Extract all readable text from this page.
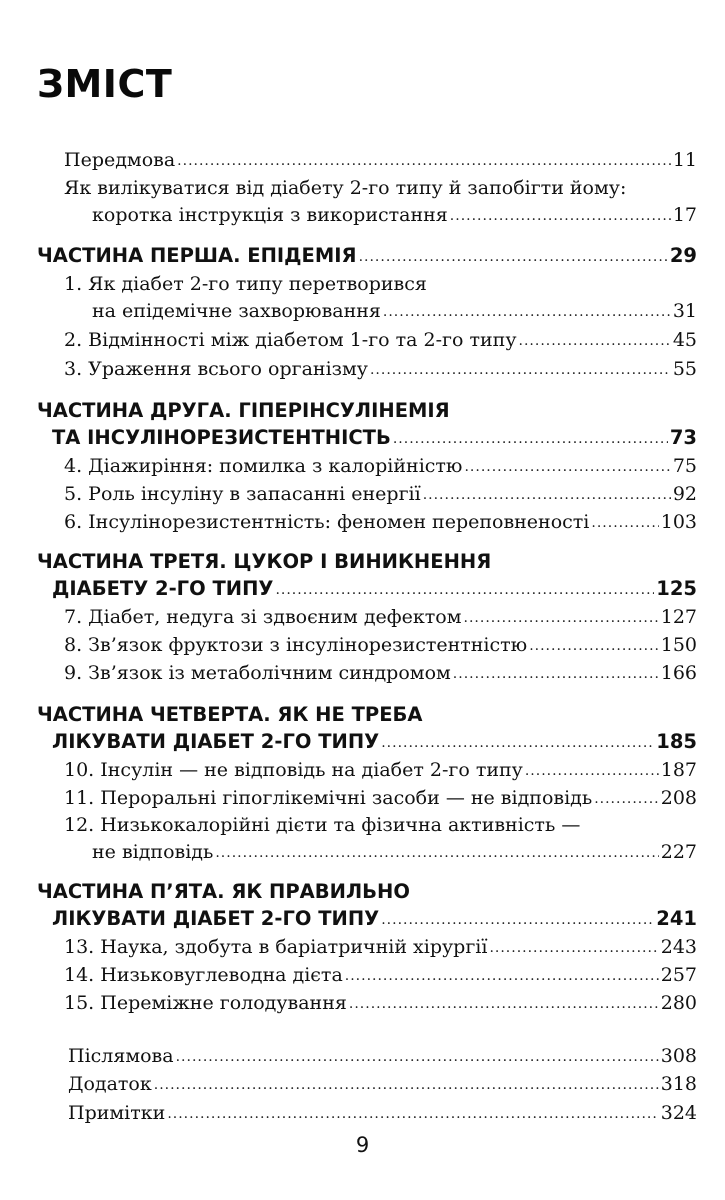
ЗМІСТ
Передмова .....	11
Як вилікуватися від діабету 2-го типу й запобігти йому:
коротка інструкція з використання .....	17
ЧАСТИНА ПЕРША. ЕПІДЕМІЯ .....	29
1. Як діабет 2-го типу перетворився
на епідемічне захворювання .....	31
2. Відмінності між діабетом 1-го та 2-го типу .....	45
3. Ураження всього організму .....	55
ЧАСТИНА ДРУГА. ГІПЕРІНСУЛІНЕМІЯ
ТА ІНСУЛІНОРЕЗИСТЕНТНІСТЬ .....	73
4. Діажиріння: помилка з калорійністю .....	75
5. Роль інсуліну в запасанні енергії .....	92
6. Інсулінорезистентність: феномен переповненості .....	103
ЧАСТИНА ТРЕТЯ. ЦУКОР І ВИНИКНЕННЯ
ДІАБЕТУ 2-ГО ТИПУ .....	125
7. Діабет, недуга зі здвоєним дефектом .....	127
8. Зв’язок фруктози з інсулінорезистентністю .....	150
9. Зв’язок із метаболічним синдромом .....	166
ЧАСТИНА ЧЕТВЕРТА. ЯК НЕ ТРЕБА
ЛІКУВАТИ ДІАБЕТ 2-ГО ТИПУ .....	185
10. Інсулін — не відповідь на діабет 2-го типу .....	187
11. Пероральні гіпоглікемічні засоби — не відповідь .....	208
12. Низькокалорійні дієти та фізична активність —
не відповідь .....	227
ЧАСТИНА П’ЯТА. ЯК ПРАВИЛЬНО
ЛІКУВАТИ ДІАБЕТ 2-ГО ТИПУ .....	241
13. Наука, здобута в баріатричній хірургії .....	243
14. Низьковуглеводна дієта .....	257
15. Переміжне голодування .....	280
Післямова .....	308
Додаток .....	318
Примітки .....	324
9
